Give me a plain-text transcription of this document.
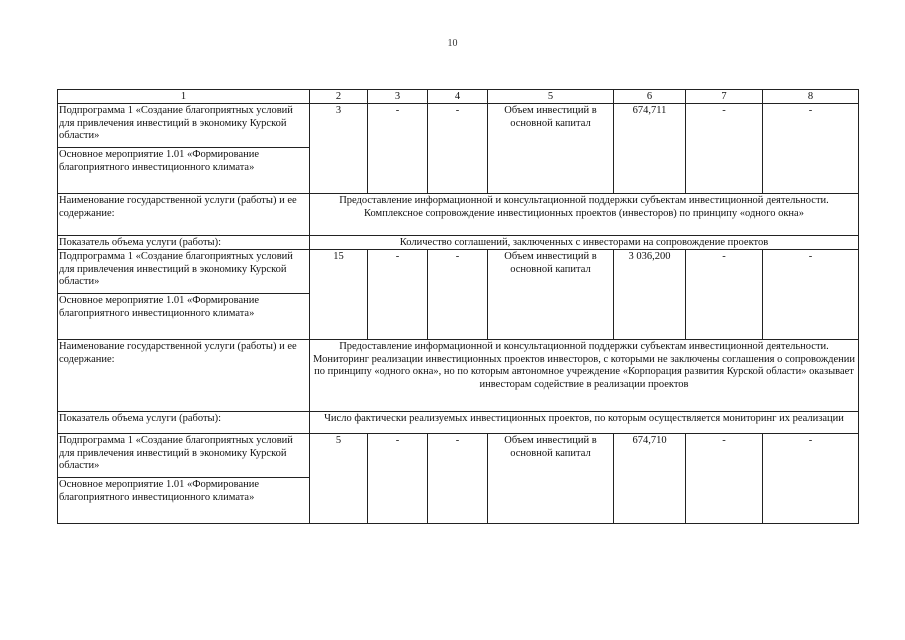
10
1	2	3	4	5	6	7	8
Подпрограмма 1 «Создание благоприятных условий для привлечения инвестиций в экономику Курской области»	3	-	-	Объем инвестиций в основной капитал	674,711	-	-
Основное мероприятие 1.01 «Формирование благоприятного инвестиционного климата»							
Наименование государственной услуги (работы) и ее содержание:	Предоставление информационной и консультационной поддержки субъектам инвестиционной деятельности. Комплексное сопровождение инвестиционных проектов (инвесторов) по принципу «одного окна»						
Показатель объема услуги (работы):	Количество соглашений, заключенных с инвесторами на сопровождение проектов						
Подпрограмма 1 «Создание благоприятных условий для привлечения инвестиций в экономику Курской области»	15	-	-	Объем инвестиций в основной капитал	3 036,200	-	-
Основное мероприятие 1.01 «Формирование благоприятного инвестиционного климата»							
Наименование государственной услуги (работы) и ее содержание:	Предоставление информационной и консультационной поддержки субъектам инвестиционной деятельности. Мониторинг реализации инвестиционных проектов инвесторов, с которыми не заключены соглашения о сопровождении по принципу «одного окна», но по которым автономное учреждение «Корпорация развития Курской области» оказывает инвесторам содействие в реализации проектов						
Показатель объема услуги (работы):	Число фактически реализуемых инвестиционных проектов, по которым осуществляется мониторинг их реализации						
Подпрограмма 1 «Создание благоприятных условий для привлечения инвестиций в экономику Курской области»	5	-	-	Объем инвестиций в основной капитал	674,710	-	-
Основное мероприятие 1.01 «Формирование благоприятного инвестиционного климата»							
